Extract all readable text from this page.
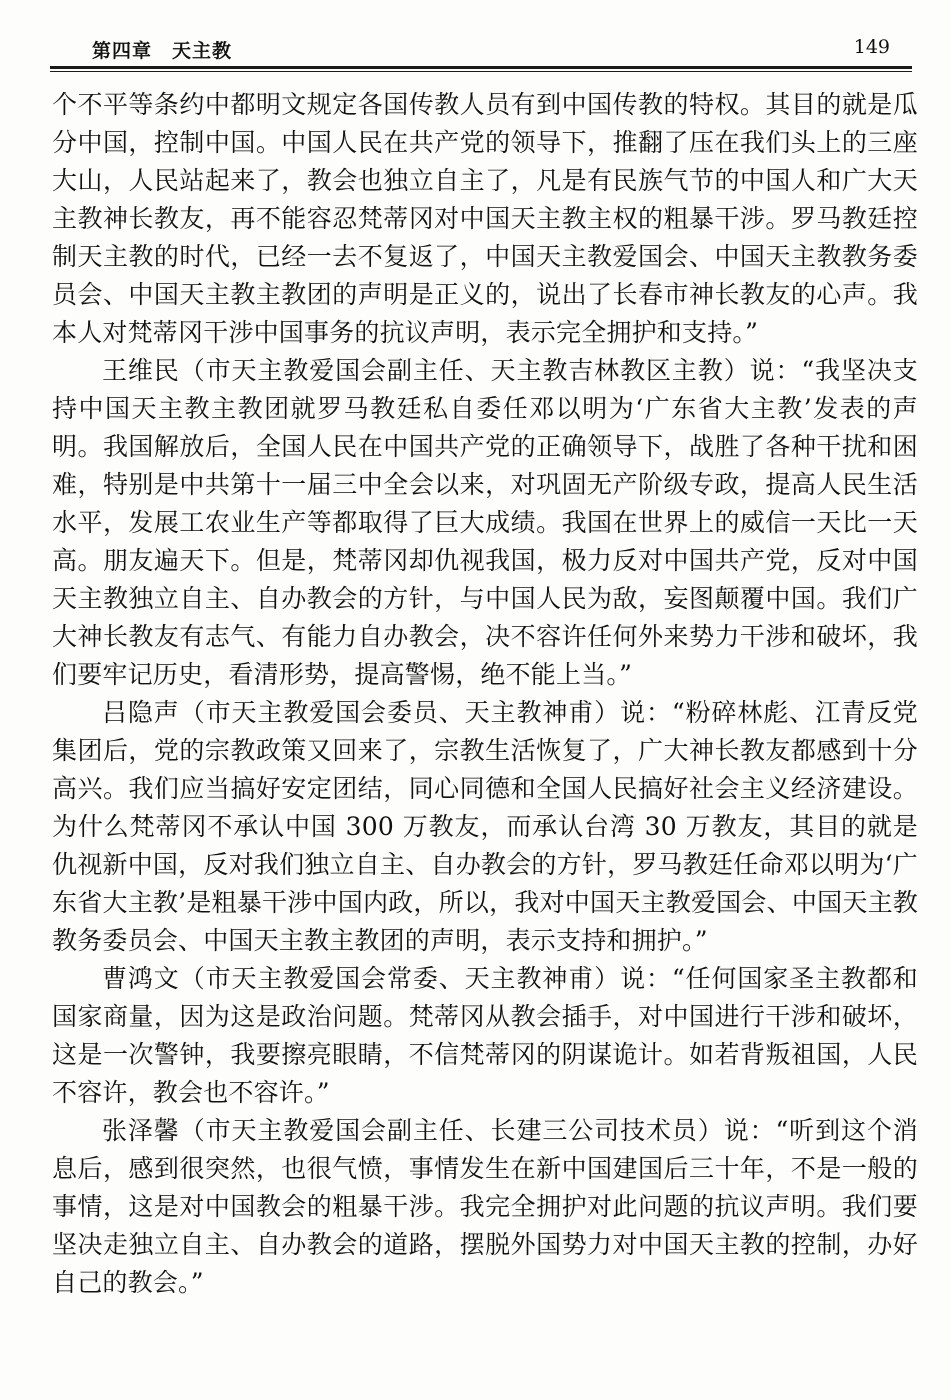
第四章　天主教	149

个不平等条约中都明文规定各国传教人员有到中国传教的特权。其目的就是瓜分中国，控制中国。中国人民在共产党的领导下，推翻了压在我们头上的三座大山，人民站起来了，教会也独立自主了，凡是有民族气节的中国人和广大天主教神长教友，再不能容忍梵蒂冈对中国天主教主权的粗暴干涉。罗马教廷控制天主教的时代，已经一去不复返了，中国天主教爱国会、中国天主教教务委员会、中国天主教主教团的声明是正义的，说出了长春市神长教友的心声。我本人对梵蒂冈干涉中国事务的抗议声明，表示完全拥护和支持。”

王维民（市天主教爱国会副主任、天主教吉林教区主教）说：“我坚决支持中国天主教主教团就罗马教廷私自委任邓以明为‘广东省大主教’发表的声明。我国解放后，全国人民在中国共产党的正确领导下，战胜了各种干扰和困难，特别是中共第十一届三中全会以来，对巩固无产阶级专政，提高人民生活水平，发展工农业生产等都取得了巨大成绩。我国在世界上的威信一天比一天高。朋友遍天下。但是，梵蒂冈却仇视我国，极力反对中国共产党，反对中国天主教独立自主、自办教会的方针，与中国人民为敌，妄图颠覆中国。我们广大神长教友有志气、有能力自办教会，决不容许任何外来势力干涉和破坏，我们要牢记历史，看清形势，提高警惕，绝不能上当。”

吕隐声（市天主教爱国会委员、天主教神甫）说：“粉碎林彪、江青反党集团后，党的宗教政策又回来了，宗教生活恢复了，广大神长教友都感到十分高兴。我们应当搞好安定团结，同心同德和全国人民搞好社会主义经济建设。为什么梵蒂冈不承认中国 300 万教友，而承认台湾 30 万教友，其目的就是仇视新中国，反对我们独立自主、自办教会的方针，罗马教廷任命邓以明为‘广东省大主教’是粗暴干涉中国内政，所以，我对中国天主教爱国会、中国天主教教务委员会、中国天主教主教团的声明，表示支持和拥护。”

曹鸿文（市天主教爱国会常委、天主教神甫）说：“任何国家圣主教都和国家商量，因为这是政治问题。梵蒂冈从教会插手，对中国进行干涉和破坏，这是一次警钟，我要擦亮眼睛，不信梵蒂冈的阴谋诡计。如若背叛祖国，人民不容许，教会也不容许。”

张泽馨（市天主教爱国会副主任、长建三公司技术员）说：“听到这个消息后，感到很突然，也很气愤，事情发生在新中国建国后三十年，不是一般的事情，这是对中国教会的粗暴干涉。我完全拥护对此问题的抗议声明。我们要坚决走独立自主、自办教会的道路，摆脱外国势力对中国天主教的控制，办好自己的教会。”
